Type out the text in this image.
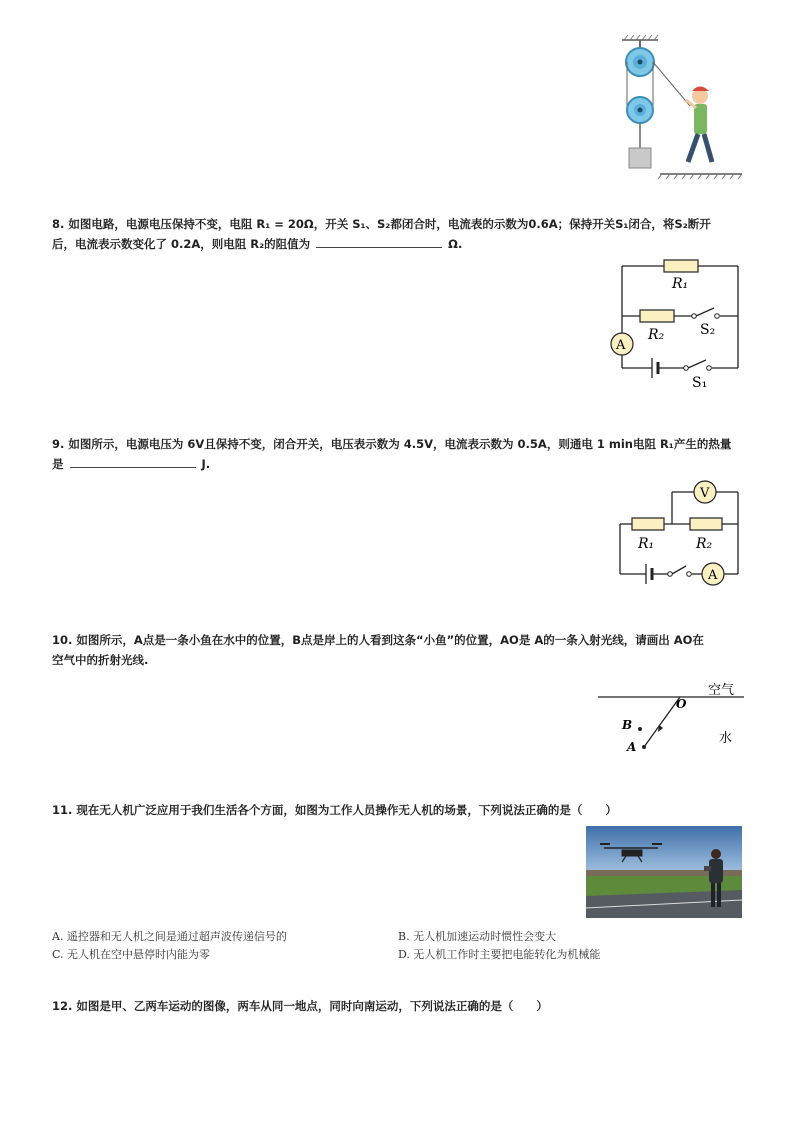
8. 如图电路，电源电压保持不变，电阻 R₁ = 20Ω，开关 S₁、S₂都闭合时，电流表的示数为0.6A；保持开关S₁闭合，将S₂断开
后，电流表示数变化了 0.2A，则电阻 R₂的阻值为	Ω.
R₁
R₂	S₂
A
S₁
9. 如图所示，电源电压为 6V且保持不变，闭合开关，电压表示数为 4.5V，电流表示数为 0.5A，则通电 1 min电阻 R₁产生的热量
是	J.
V
R₁	R₂
A
10. 如图所示，A点是一条小鱼在水中的位置，B点是岸上的人看到这条“小鱼”的位置，AO是 A的一条入射光线，请画出 AO在
空气中的折射光线.
空气
水
O
B
A
11. 现在无人机广泛应用于我们生活各个方面，如图为工作人员操作无人机的场景，下列说法正确的是（　　）
A. 遥控器和无人机之间是通过超声波传递信号的	B. 无人机加速运动时惯性会变大
C. 无人机在空中悬停时内能为零	D. 无人机工作时主要把电能转化为机械能
12. 如图是甲、乙两车运动的图像，两车从同一地点，同时向南运动，下列说法正确的是（　　）
